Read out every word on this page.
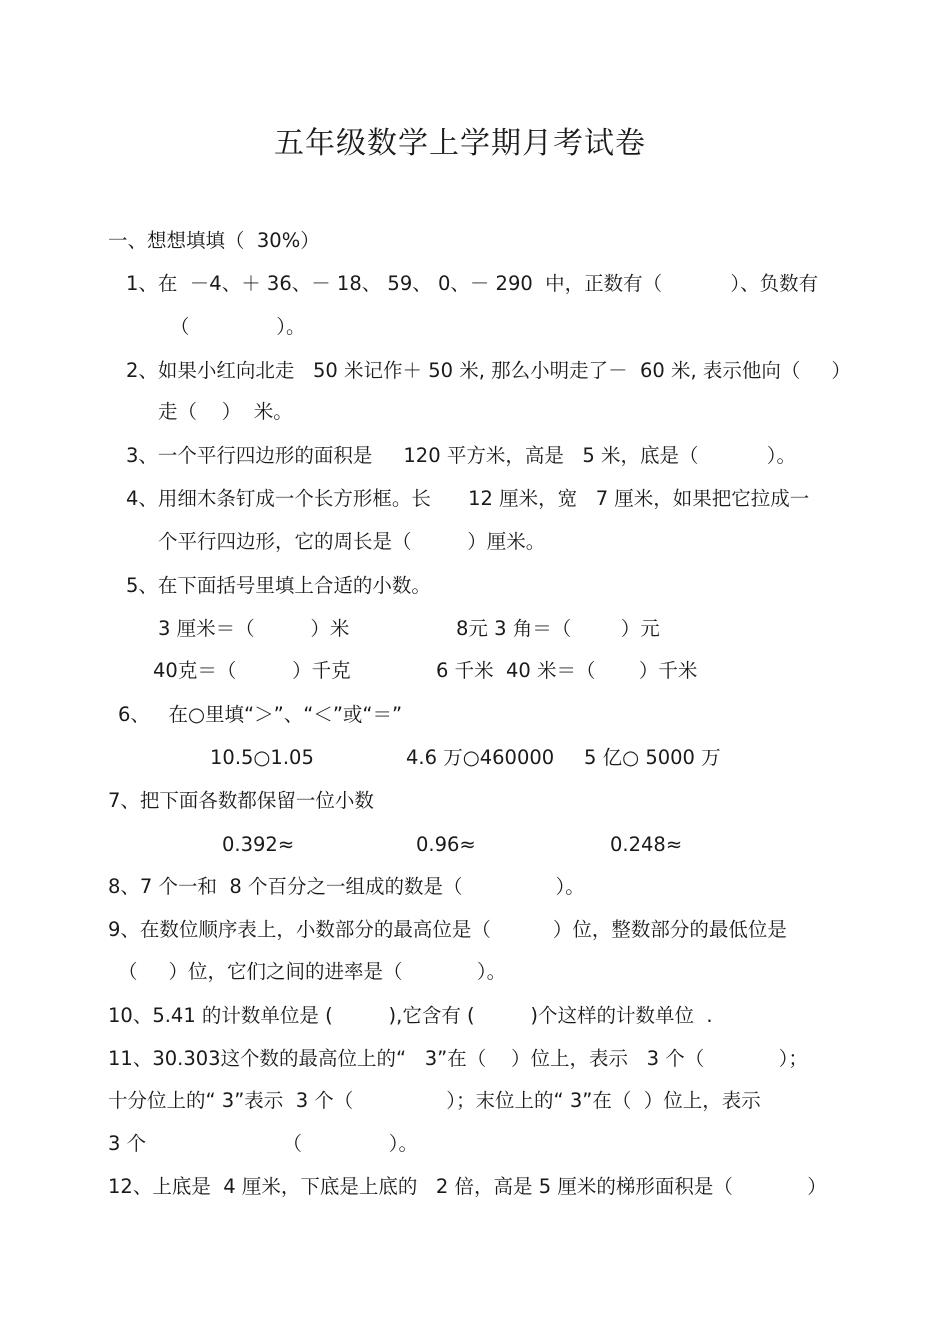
五年级数学上学期月考试卷
一、想想填填（  30%）
1、在  －4、＋ 36、－ 18、 59、 0、－ 290  中，正数有（           ）、负数有
（              ）。
2、如果小红向北走   50 米记作＋ 50 米, 那么小明走了－  60 米, 表示他向（     ）
走（    ）  米。
3、一个平行四边形的面积是     120 平方米，高是   5 米，底是（           ）。
4、用细木条钉成一个长方形框。长      12 厘米，宽   7 厘米，如果把它拉成一
个平行四边形，它的周长是（         ）厘米。
5、在下面括号里填上合适的小数。
3 厘米＝（         ）米	8元 3 角＝（        ）元
40克＝（         ）千克	6 千米  40 米＝（       ）千米
6、   在○里填“＞”、“＜”或“＝”
10.5○1.05	4.6 万○460000 5 亿○ 5000 万
7、把下面各数都保留一位小数
0.392≈	0.96≈	0.248≈
8、7 个一和  8 个百分之一组成的数是（               ）。
9、在数位顺序表上，小数部分的最高位是（          ）位，整数部分的最低位是
（     ）位，它们之间的进率是（            ）。
10、5.41 的计数单位是 (         ),它含有 (         )个这样的计数单位  .
11、30.303这个数的最高位上的“   3”在（    ）位上，表示   3 个（            ）；
十分位上的“ 3”表示  3 个（               ）；末位上的“ 3”在（  ）位上，表示
3 个                      （              ）。
12、上底是  4 厘米，下底是上底的   2 倍，高是 5 厘米的梯形面积是（            ）
